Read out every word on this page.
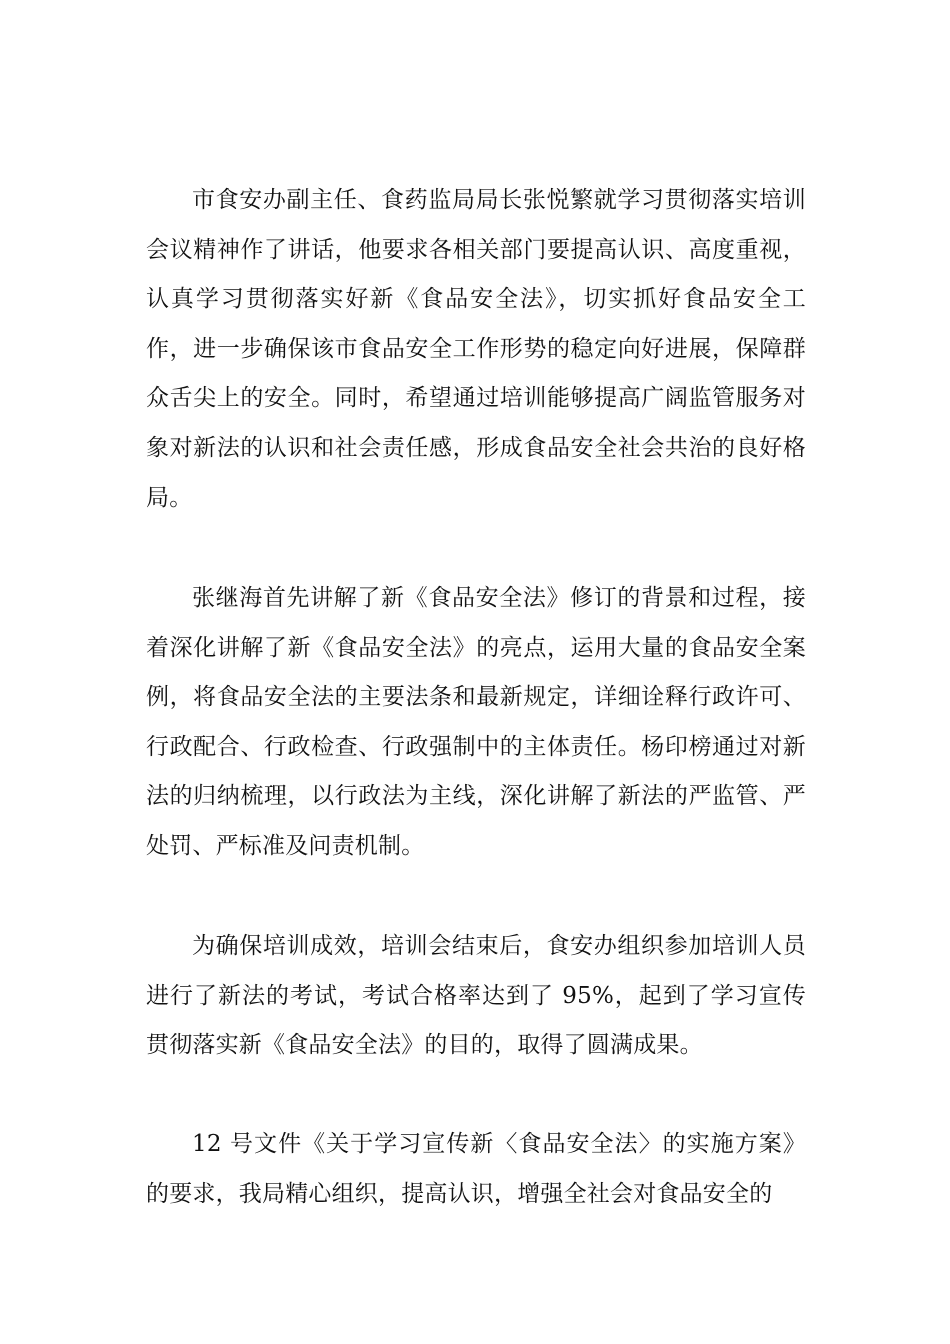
市食安办副主任、食药监局局长张悦繁就学习贯彻落实培训会议精神作了讲话，他要求各相关部门要提高认识、高度重视，认真学习贯彻落实好新《食品安全法》，切实抓好食品安全工作，进一步确保该市食品安全工作形势的稳定向好进展，保障群众舌尖上的安全。同时，希望通过培训能够提高广阔监管服务对象对新法的认识和社会责任感，形成食品安全社会共治的良好格局。

张继海首先讲解了新《食品安全法》修订的背景和过程，接着深化讲解了新《食品安全法》的亮点，运用大量的食品安全案例，将食品安全法的主要法条和最新规定，详细诠释行政许可、行政配合、行政检查、行政强制中的主体责任。杨印榜通过对新法的归纳梳理，以行政法为主线，深化讲解了新法的严监管、严处罚、严标准及问责机制。

为确保培训成效，培训会结束后，食安办组织参加培训人员进行了新法的考试，考试合格率达到了 95%，起到了学习宣传贯彻落实新《食品安全法》的目的，取得了圆满成果。

12 号文件《关于学习宣传新〈食品安全法〉的实施方案》的要求，我局精心组织，提高认识，增强全社会对食品安全的
